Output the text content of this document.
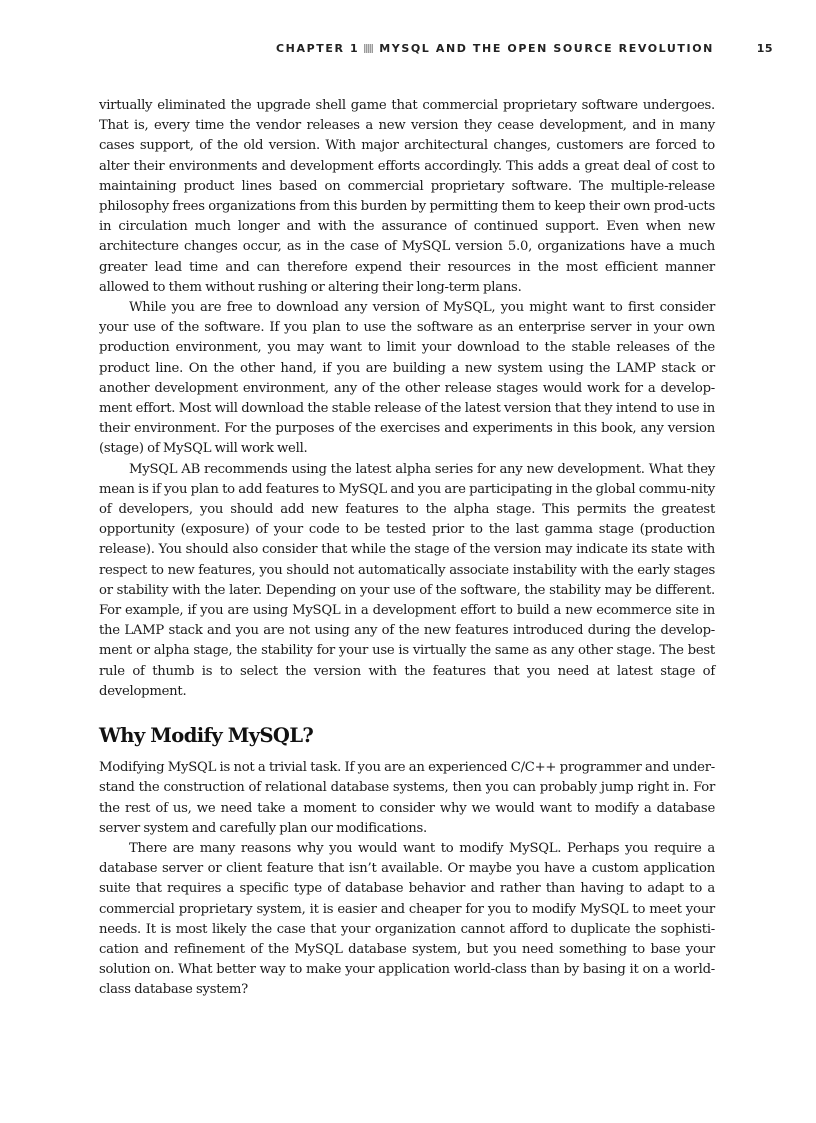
CHAPTER 1 MYSQL AND THE OPEN SOURCE REVOLUTION	15

virtually eliminated the upgrade shell game that commercial proprietary software undergoes. That is, every time the vendor releases a new version they cease development, and in many cases support, of the old version. With major architectural changes, customers are forced to alter their environments and development efforts accordingly. This adds a great deal of cost to maintaining product lines based on commercial proprietary software. The multiple-release philosophy frees organizations from this burden by permitting them to keep their own prod-ucts in circulation much longer and with the assurance of continued support. Even when new architecture changes occur, as in the case of MySQL version 5.0, organizations have a much greater lead time and can therefore expend their resources in the most efficient manner allowed to them without rushing or altering their long-term plans.

While you are free to download any version of MySQL, you might want to first consider your use of the software. If you plan to use the software as an enterprise server in your own production environment, you may want to limit your download to the stable releases of the product line. On the other hand, if you are building a new system using the LAMP stack or another development environment, any of the other release stages would work for a develop-ment effort. Most will download the stable release of the latest version that they intend to use in their environment. For the purposes of the exercises and experiments in this book, any version (stage) of MySQL will work well.

MySQL AB recommends using the latest alpha series for any new development. What they mean is if you plan to add features to MySQL and you are participating in the global commu-nity of developers, you should add new features to the alpha stage. This permits the greatest opportunity (exposure) of your code to be tested prior to the last gamma stage (production release). You should also consider that while the stage of the version may indicate its state with respect to new features, you should not automatically associate instability with the early stages or stability with the later. Depending on your use of the software, the stability may be different. For example, if you are using MySQL in a development effort to build a new ecommerce site in the LAMP stack and you are not using any of the new features introduced during the develop-ment or alpha stage, the stability for your use is virtually the same as any other stage. The best rule of thumb is to select the version with the features that you need at latest stage of development.

Why Modify MySQL?

Modifying MySQL is not a trivial task. If you are an experienced C/C++ programmer and under-stand the construction of relational database systems, then you can probably jump right in. For the rest of us, we need take a moment to consider why we would want to modify a database server system and carefully plan our modifications.

There are many reasons why you would want to modify MySQL. Perhaps you require a database server or client feature that isn’t available. Or maybe you have a custom application suite that requires a specific type of database behavior and rather than having to adapt to a commercial proprietary system, it is easier and cheaper for you to modify MySQL to meet your needs. It is most likely the case that your organization cannot afford to duplicate the sophisti-cation and refinement of the MySQL database system, but you need something to base your solution on. What better way to make your application world-class than by basing it on a world-class database system?
